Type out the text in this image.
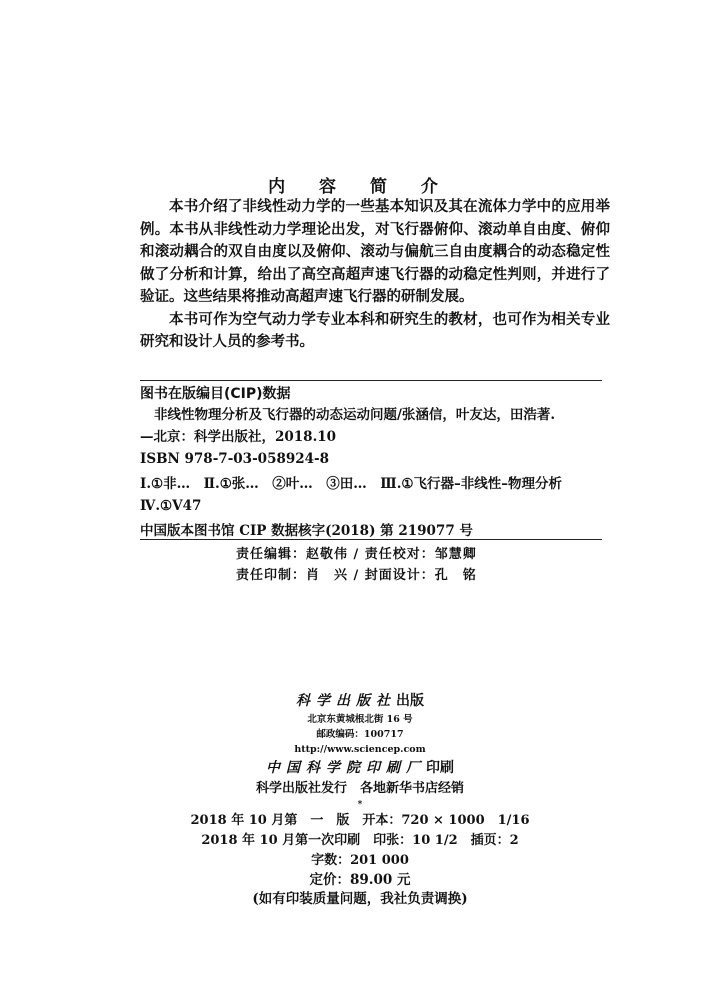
内 容 简 介

本书介绍了非线性动力学的一些基本知识及其在流体力学中的应用举例。本书从非线性动力学理论出发，对飞行器俯仰、滚动单自由度、俯仰和滚动耦合的双自由度以及俯仰、滚动与偏航三自由度耦合的动态稳定性做了分析和计算，给出了高空高超声速飞行器的动稳定性判则，并进行了验证。这些结果将推动高超声速飞行器的研制发展。

本书可作为空气动力学专业本科和研究生的教材，也可作为相关专业研究和设计人员的参考书。

图书在版编目(CIP)数据
非线性物理分析及飞行器的动态运动问题/张涵信，叶友达，田浩著.
—北京：科学出版社，2018.10
ISBN 978-7-03-058924-8
Ⅰ.①非…　Ⅱ.①张…　②叶…　③田…　Ⅲ.①飞行器–非线性–物理分析
Ⅳ.①V47
中国版本图书馆 CIP 数据核字(2018) 第 219077 号
责任编辑：赵敬伟 / 责任校对：邹慧卿
责任印制：肖　兴 / 封面设计：孔　铭
科学出版社出版
北京东黄城根北街 16 号
邮政编码：100717
http://www.sciencep.com
中国科学院印刷厂印刷
科学出版社发行　各地新华书店经销
*
2018 年 10 月第　一　版　开本：720 × 1000　1/16
2018 年 10 月第一次印刷　印张：10 1/2　插页：2
字数：201 000
定价：89.00 元
(如有印装质量问题，我社负责调换)
